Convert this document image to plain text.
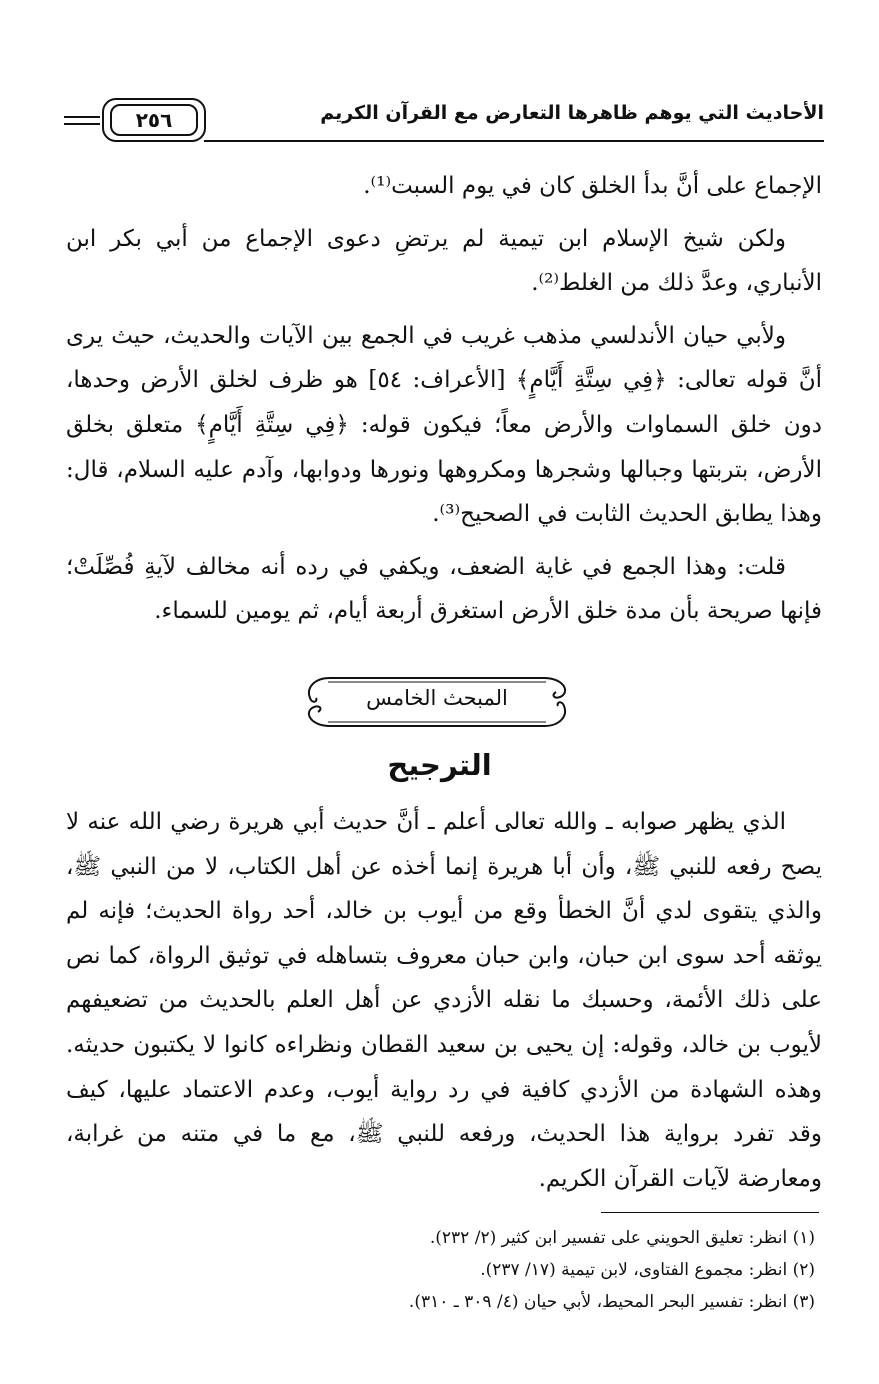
الأحاديث التي يوهم ظاهرها التعارض مع القرآن الكريم
٢٥٦

الإجماع على أنَّ بدأ الخلق كان في يوم السبت⁽¹⁾.

ولكن شيخ الإسلام ابن تيمية لم يرتضِ دعوى الإجماع من أبي بكر ابن الأنباري، وعدَّ ذلك من الغلط⁽²⁾.

ولأبي حيان الأندلسي مذهب غريب في الجمع بين الآيات والحديث، حيث يرى أنَّ قوله تعالى: ﴿فِي سِتَّةِ أَيَّامٍ﴾ [الأعراف: ٥٤] هو ظرف لخلق الأرض وحدها، دون خلق السماوات والأرض معاً؛ فيكون قوله: ﴿فِي سِتَّةِ أَيَّامٍ﴾ متعلق بخلق الأرض، بتربتها وجبالها وشجرها ومكروهها ونورها ودوابها، وآدم عليه السلام، قال: وهذا يطابق الحديث الثابت في الصحيح⁽³⁾.

قلت: وهذا الجمع في غاية الضعف، ويكفي في رده أنه مخالف لآيةِ فُصِّلَتْ؛ فإنها صريحة بأن مدة خلق الأرض استغرق أربعة أيام، ثم يومين للسماء.

المبحث الخامس
الترجيح

الذي يظهر صوابه ـ والله تعالى أعلم ـ أنَّ حديث أبي هريرة رضي الله عنه لا يصح رفعه للنبي ﷺ، وأن أبا هريرة إنما أخذه عن أهل الكتاب، لا من النبي ﷺ، والذي يتقوى لدي أنَّ الخطأ وقع من أيوب بن خالد، أحد رواة الحديث؛ فإنه لم يوثقه أحد سوى ابن حبان، وابن حبان معروف بتساهله في توثيق الرواة، كما نص على ذلك الأئمة، وحسبك ما نقله الأزدي عن أهل العلم بالحديث من تضعيفهم لأيوب بن خالد، وقوله: إن يحيى بن سعيد القطان ونظراءه كانوا لا يكتبون حديثه. وهذه الشهادة من الأزدي كافية في رد رواية أيوب، وعدم الاعتماد عليها، كيف وقد تفرد برواية هذا الحديث، ورفعه للنبي ﷺ، مع ما في متنه من غرابة، ومعارضة لآيات القرآن الكريم.

(١) انظر: تعليق الحويني على تفسير ابن كثير (٢/ ٢٣٢).

(٢) انظر: مجموع الفتاوى، لابن تيمية (١٧/ ٢٣٧).

(٣) انظر: تفسير البحر المحيط، لأبي حيان (٤/ ٣٠٩ ـ ٣١٠).
